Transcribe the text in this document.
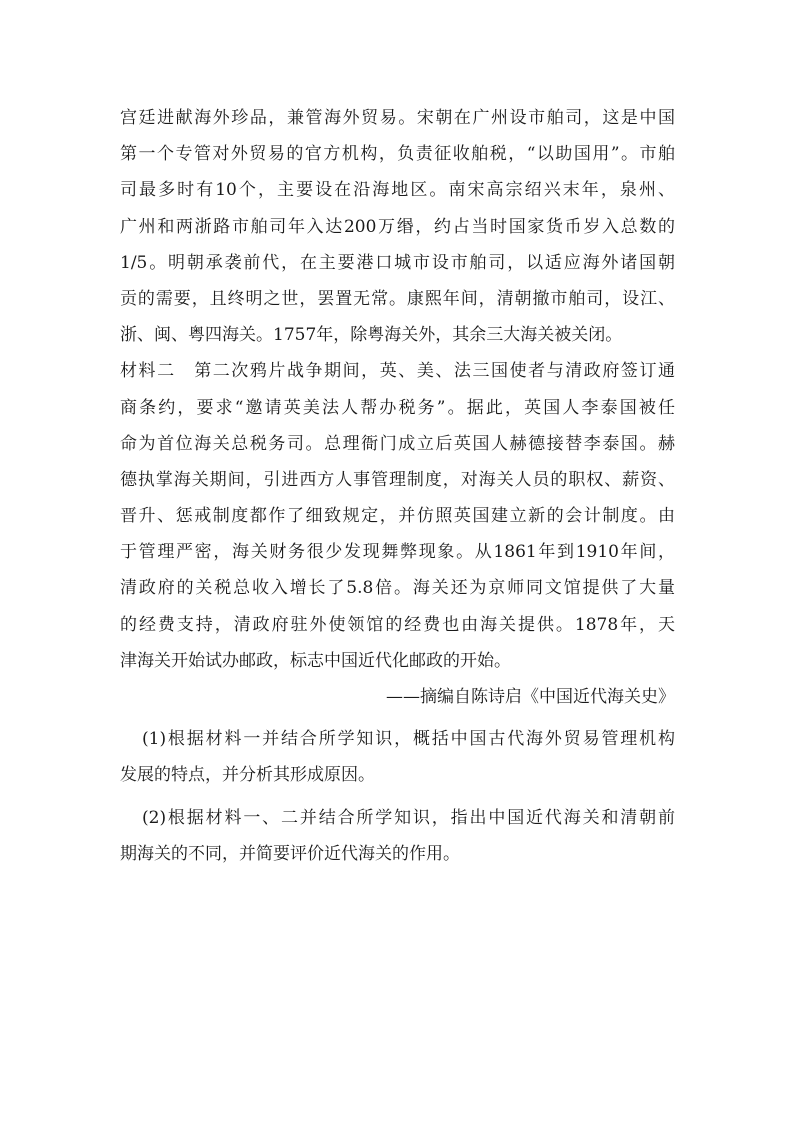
宫廷进献海外珍品，兼管海外贸易。宋朝在广州设市舶司，这是中国
第一个专管对外贸易的官方机构，负责征收舶税，“以助国用”。市舶
司最多时有10个，主要设在沿海地区。南宋高宗绍兴末年，泉州、
广州和两浙路市舶司年入达200万缗，约占当时国家货币岁入总数的
1/5。明朝承袭前代，在主要港口城市设市舶司，以适应海外诸国朝
贡的需要，且终明之世，罢置无常。康熙年间，清朝撤市舶司，设江、
浙、闽、粤四海关。1757年，除粤海关外，其余三大海关被关闭。
材料二　第二次鸦片战争期间，英、美、法三国使者与清政府签订通
商条约，要求“邀请英美法人帮办税务”。据此，英国人李泰国被任
命为首位海关总税务司。总理衙门成立后英国人赫德接替李泰国。赫
德执掌海关期间，引进西方人事管理制度，对海关人员的职权、薪资、
晋升、惩戒制度都作了细致规定，并仿照英国建立新的会计制度。由
于管理严密，海关财务很少发现舞弊现象。从1861年到1910年间，
清政府的关税总收入增长了5.8倍。海关还为京师同文馆提供了大量
的经费支持，清政府驻外使领馆的经费也由海关提供。1878年，天
津海关开始试办邮政，标志中国近代化邮政的开始。
——摘编自陈诗启《中国近代海关史》
(1)根据材料一并结合所学知识，概括中国古代海外贸易管理机构
发展的特点，并分析其形成原因。
(2)根据材料一、二并结合所学知识，指出中国近代海关和清朝前
期海关的不同，并简要评价近代海关的作用。
